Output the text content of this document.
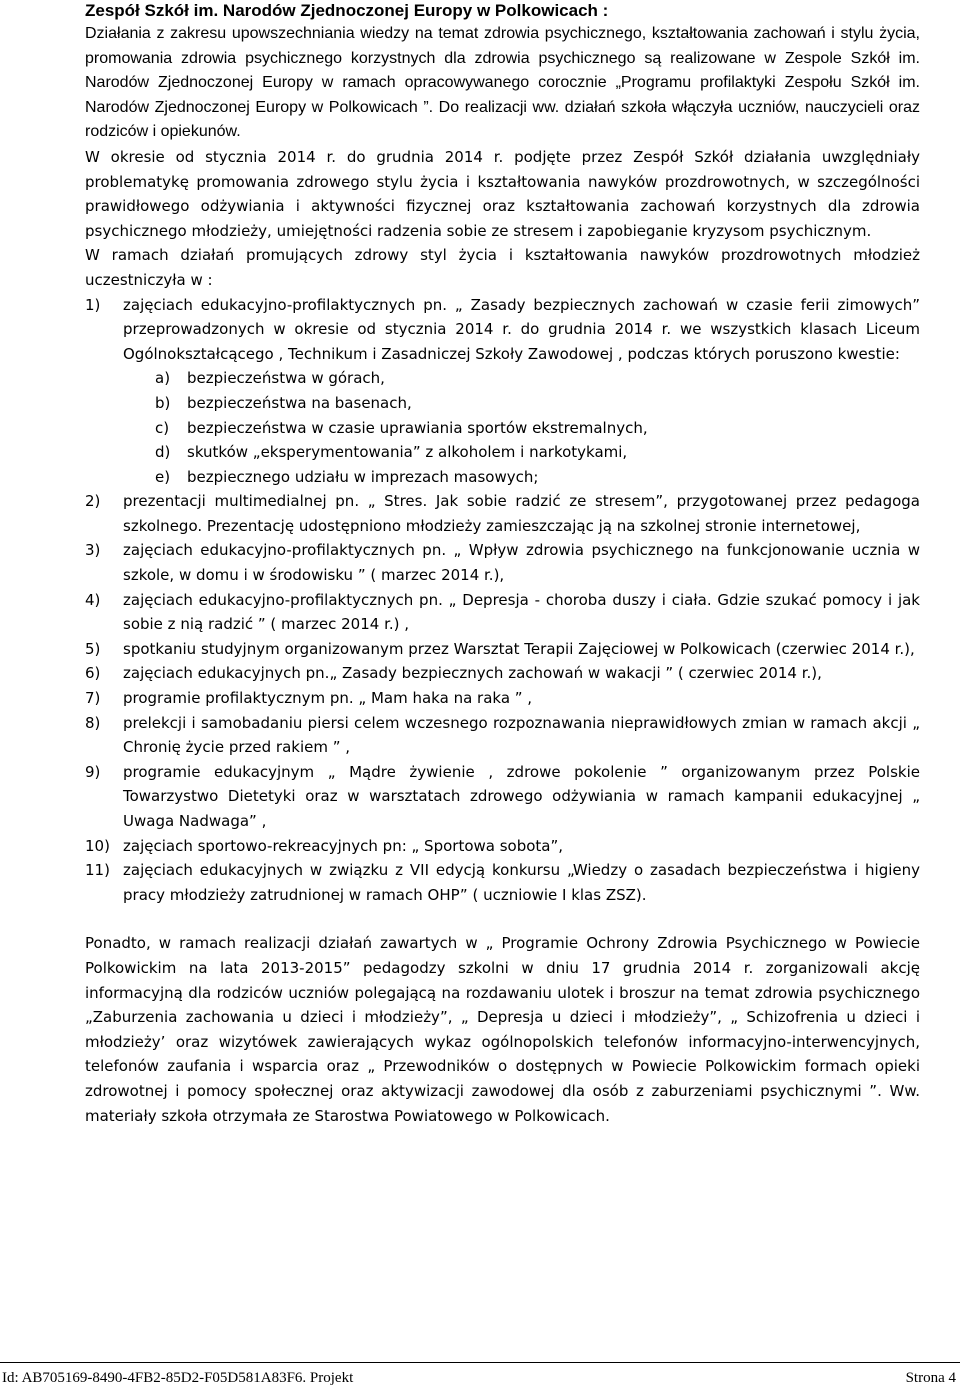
Zespół Szkół im. Narodów Zjednoczonej Europy w Polkowicach :

Działania z zakresu upowszechniania wiedzy na temat zdrowia psychicznego, kształtowania zachowań i stylu życia, promowania zdrowia psychicznego korzystnych dla zdrowia psychicznego są realizowane w Zespole Szkół im. Narodów Zjednoczonej Europy w ramach opracowywanego corocznie „Programu profilaktyki Zespołu Szkół im. Narodów Zjednoczonej Europy w Polkowicach ”. Do realizacji ww. działań szkoła włączyła uczniów, nauczycieli oraz rodziców i opiekunów.

W okresie od stycznia 2014 r. do grudnia 2014 r. podjęte przez Zespół Szkół działania uwzględniały problematykę promowania zdrowego stylu życia i kształtowania nawyków prozdrowotnych, w szczególności prawidłowego odżywiania i aktywności fizycznej oraz kształtowania zachowań korzystnych dla zdrowia psychicznego młodzieży, umiejętności radzenia sobie ze stresem i zapobieganie kryzysom psychicznym.

W ramach działań promujących zdrowy styl życia i kształtowania nawyków prozdrowotnych młodzież uczestniczyła w :

1) zajęciach edukacyjno-profilaktycznych pn. „ Zasady bezpiecznych zachowań w czasie ferii zimowych” przeprowadzonych w okresie od stycznia 2014 r. do grudnia 2014 r. we wszystkich klasach Liceum Ogólnokształcącego , Technikum i Zasadniczej Szkoły Zawodowej , podczas których poruszono kwestie:
a) bezpieczeństwa w górach,
b) bezpieczeństwa na basenach,
c) bezpieczeństwa w czasie uprawiania sportów ekstremalnych,
d) skutków „eksperymentowania” z alkoholem i narkotykami,
e) bezpiecznego udziału w imprezach masowych;
2) prezentacji multimedialnej pn. „ Stres. Jak sobie radzić ze stresem”, przygotowanej przez pedagoga szkolnego. Prezentację udostępniono młodzieży zamieszczając ją na szkolnej stronie internetowej,
3) zajęciach edukacyjno-profilaktycznych pn. „ Wpływ zdrowia psychicznego na funkcjonowanie ucznia w szkole, w domu i w środowisku ” ( marzec 2014 r.),
4) zajęciach edukacyjno-profilaktycznych pn. „ Depresja - choroba duszy i ciała. Gdzie szukać pomocy i jak sobie z nią radzić ” ( marzec 2014 r.) ,
5) spotkaniu studyjnym organizowanym przez Warsztat Terapii Zajęciowej w Polkowicach (czerwiec 2014 r.),
6) zajęciach edukacyjnych pn.„ Zasady bezpiecznych zachowań w wakacji ” ( czerwiec 2014 r.),
7) programie profilaktycznym pn. „ Mam haka na raka ” ,
8) prelekcji i samobadaniu piersi celem wczesnego rozpoznawania nieprawidłowych zmian w ramach akcji „ Chronię życie przed rakiem ” ,
9) programie edukacyjnym „ Mądre żywienie , zdrowe pokolenie ” organizowanym przez Polskie Towarzystwo Dietetyki oraz w warsztatach zdrowego odżywiania w ramach kampanii edukacyjnej „ Uwaga Nadwaga” ,
10) zajęciach sportowo-rekreacyjnych pn: „ Sportowa sobota”,
11) zajęciach edukacyjnych w związku z VII edycją konkursu „Wiedzy o zasadach bezpieczeństwa i higieny pracy młodzieży zatrudnionej w ramach OHP” ( uczniowie I klas ZSZ).

Ponadto, w ramach realizacji działań zawartych w „ Programie Ochrony Zdrowia Psychicznego w Powiecie Polkowickim na lata 2013-2015” pedagodzy szkolni w dniu 17 grudnia 2014 r. zorganizowali akcję informacyjną dla rodziców uczniów polegającą na rozdawaniu ulotek i broszur na temat zdrowia psychicznego „Zaburzenia zachowania u dzieci i młodzieży”, „ Depresja u dzieci i młodzieży”, „ Schizofrenia u dzieci i młodzieży’ oraz wizytówek zawierających wykaz ogólnopolskich telefonów informacyjno-interwencyjnych, telefonów zaufania i wsparcia oraz „ Przewodników o dostępnych w Powiecie Polkowickim formach opieki zdrowotnej i pomocy społecznej oraz aktywizacji zawodowej dla osób z zaburzeniami psychicznymi ”. Ww. materiały szkoła otrzymała ze Starostwa Powiatowego w Polkowicach.

Id: AB705169-8490-4FB2-85D2-F05D581A83F6. Projekt	Strona 4
